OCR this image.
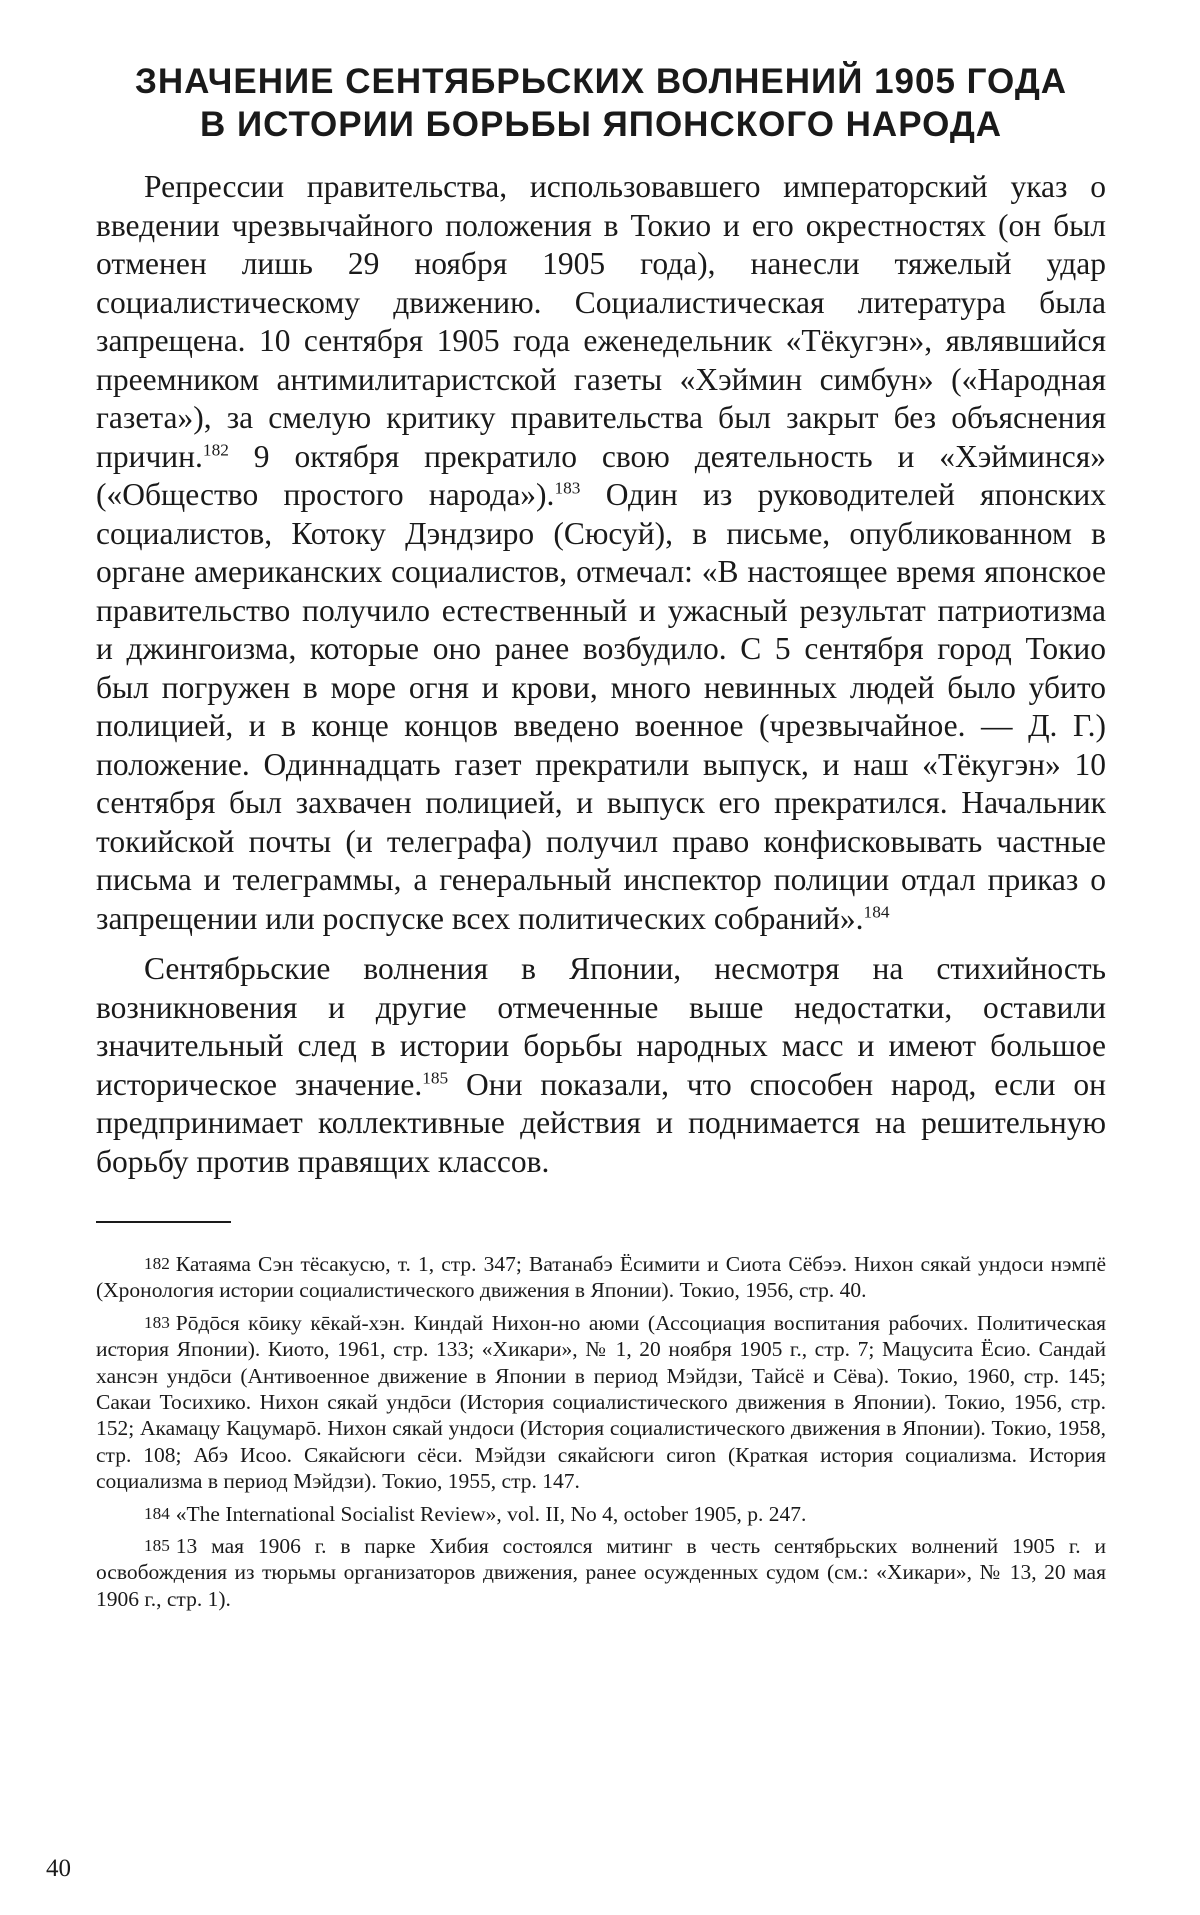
ЗНАЧЕНИЕ СЕНТЯБРЬСКИХ ВОЛНЕНИЙ 1905 ГОДА
В ИСТОРИИ БОРЬБЫ ЯПОНСКОГО НАРОДА

Репрессии правительства, использовавшего императорский указ о введении чрезвычайного положения в Токио и его окрестностях (он был отменен лишь 29 ноября 1905 года), нанесли тяжелый удар социалистическому движению. Социалистическая литература была запрещена. 10 сентября 1905 года еженедельник «Тёкугэн», являвшийся преемником антимилитаристской газеты «Хэймин симбун» («Народная газета»), за смелую критику правительства был закрыт без объяснения причин.$^{182}$ 9 октября прекратило свою деятельность и «Хэйминся» («Общество простого народа»).$^{183}$ Один из руководителей японских социалистов, Котоку Дэндзиро (Сюсуй), в письме, опубликованном в органе американских социалистов, отмечал: «В настоящее время японское правительство получило естественный и ужасный результат патриотизма и джингоизма, которые оно ранее возбудило. С 5 сентября город Токио был погружен в море огня и крови, много невинных людей было убито полицией, и в конце концов введено военное (чрезвычайное. — Д. Г.) положение. Одиннадцать газет прекратили выпуск, и наш «Тёкугэн» 10 сентября был захвачен полицией, и выпуск его прекратился. Начальник токийской почты (и телеграфа) получил право конфисковывать частные письма и телеграммы, а генеральный инспектор полиции отдал приказ о запрещении или роспуске всех политических собраний».$^{184}$

Сентябрьские волнения в Японии, несмотря на стихийность возникновения и другие отмеченные выше недостатки, оставили значительный след в истории борьбы народных масс и имеют большое историческое значение.$^{185}$ Они показали, что способен народ, если он предпринимает коллективные действия и поднимается на решительную борьбу против правящих классов.

182 Катаяма Сэн тёсакусю, т. 1, стр. 347; Ватанабэ Ёсимити и Сиота Сёбээ. Нихон сякай ундоси нэмпё (Хронология истории социалистического движения в Японии). Токио, 1956, стр. 40.

183 Рōдōся кōику кēкай-хэн. Киндай Нихон-но аюми (Ассоциация воспитания рабочих. Политическая история Японии). Киото, 1961, стр. 133; «Хикари», № 1, 20 ноября 1905 г., стр. 7; Мацусита Ёсио. Сандай хансэн ундōси (Антивоенное движение в Японии в период Мэйдзи, Тайсё и Сёва). Токио, 1960, стр. 145; Сакаи Тосихико. Нихон сякай ундōси (История социалистического движения в Японии). Токио, 1956, стр. 152; Акамацу Кацумарō. Нихон сякай ундоси (История социалистического движения в Японии). Токио, 1958, стр. 108; Абэ Исоо. Сякайсюги сёси. Мэйдзи сякайсюги сиron (Краткая история социализма. История социализма в период Мэйдзи). Токио, 1955, стр. 147.

184 «The International Socialist Review», vol. II, No 4, october 1905, p. 247.

185 13 мая 1906 г. в парке Хибия состоялся митинг в честь сентябрьских волнений 1905 г. и освобождения из тюрьмы организаторов движения, ранее осужденных судом (см.: «Хикари», № 13, 20 мая 1906 г., стр. 1).

40
